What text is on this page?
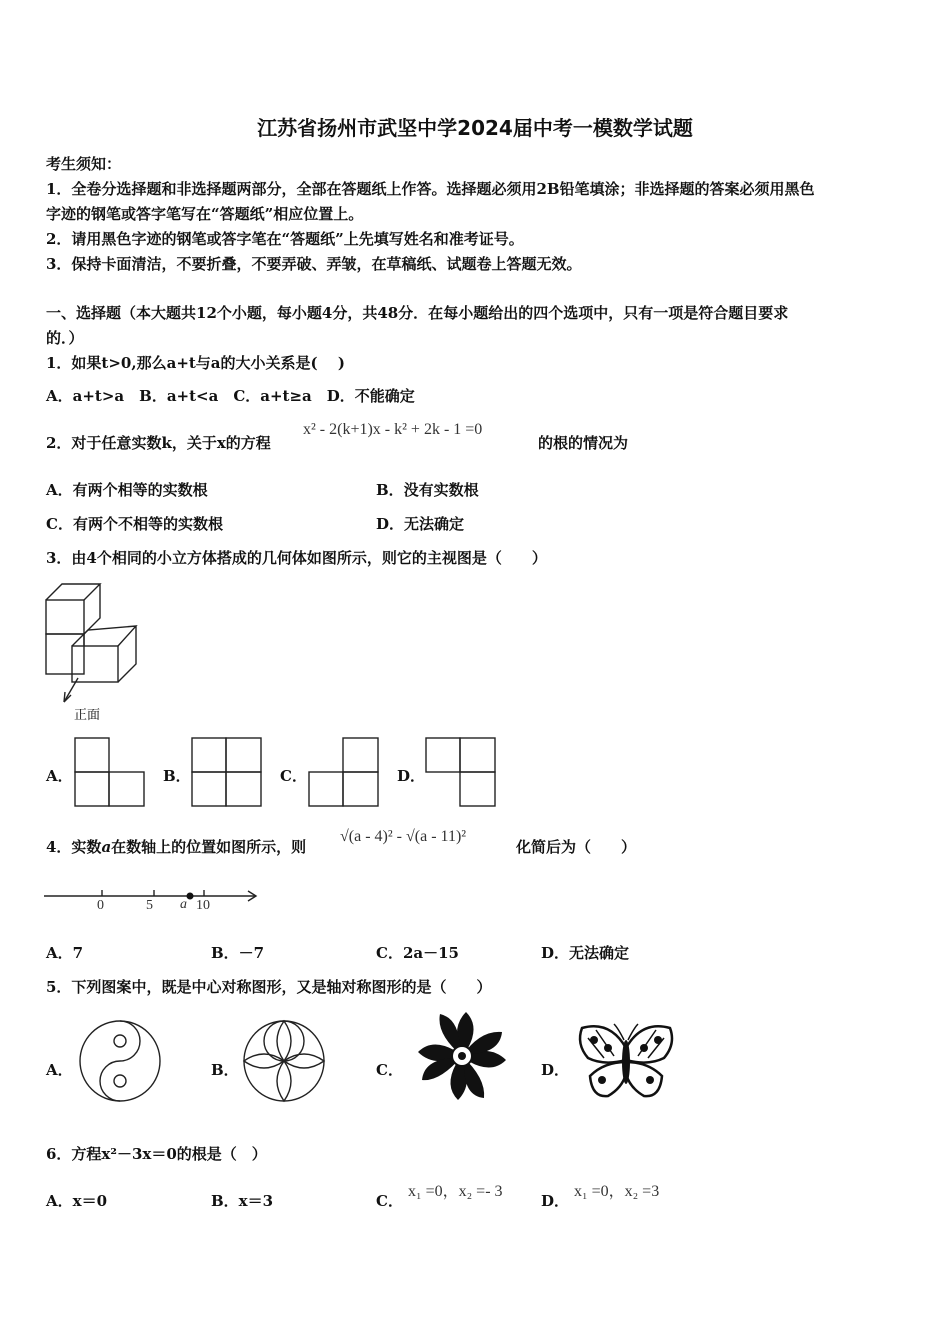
江苏省扬州市武坚中学2024届中考一模数学试题
考生须知：
1．全卷分选择题和非选择题两部分，全部在答题纸上作答。选择题必须用2B铅笔填涂；非选择题的答案必须用黑色
字迹的钢笔或答字笔写在“答题纸”相应位置上。
2．请用黑色字迹的钢笔或答字笔在“答题纸”上先填写姓名和准考证号。
3．保持卡面清洁，不要折叠，不要弄破、弄皱，在草稿纸、试题卷上答题无效。
一、选择题（本大题共12个小题，每小题4分，共48分．在每小题给出的四个选项中，只有一项是符合题目要求
的．）
1．如果t>0,那么a+t与a的大小关系是(　 )
A．a+t>a　B．a+t<a　C．a+t≥a　D．不能确定
2．对于任意实数k，关于x的方程
x² - 2(k+1)x - k² + 2k - 1 =0
的根的情况为
A．有两个相等的实数根	B．没有实数根
C．有两个不相等的实数根	D．无法确定
3．由4个相同的小立方体搭成的几何体如图所示，则它的主视图是（　　）
正面
A．	B．	C．	D．
4．实数a在数轴上的位置如图所示，则
√(a - 4)² - √(a - 11)²
化简后为（　　）
0	5 a 10
A．7	B．－7	C．2a－15	D．无法确定
5．下列图案中，既是中心对称图形，又是轴对称图形的是（　　）
A．	B．	C．	D．
6．方程x²－3x＝0的根是（　）
A．x＝0	B．x＝3	C．
x₁ =0，x₂ =- 3
D．
x₁ =0，x₂ =3
